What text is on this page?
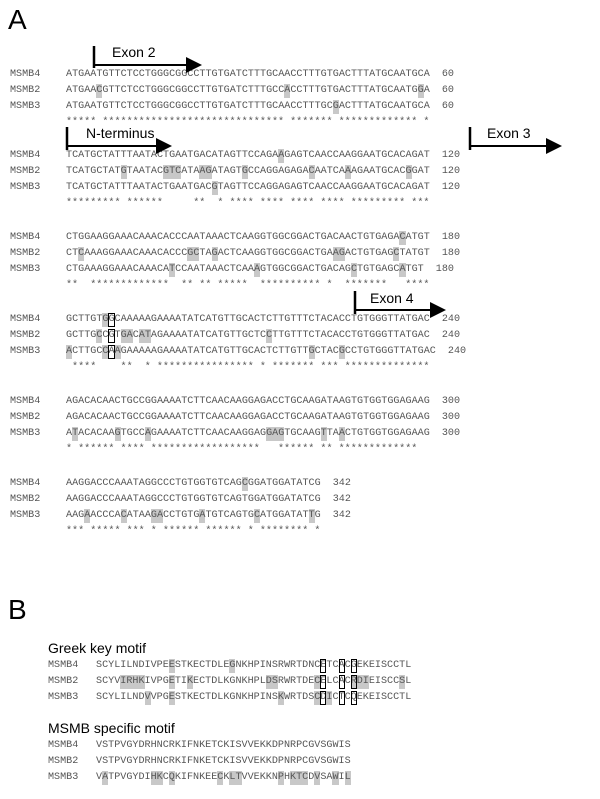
A
B
MSMB4	ATGAATGTTCTCCTGGGCGGCCTTGTGATCTTTGCAACCTTTGTGACTTTATGCAATGCA  60
MSMB2	ATGAACGTTCTCCTGGGCGGCCTTGTGATCTTTGCCACCTTTGTGACTTTATGCAATGGA  60
MSMB3	ATGAATGTTCTCCTGGGCGGCCTTGTGATCTTTGCAACCTTTGCGACTTTATGCAATGCA  60
***** ****************************** ******* ************* *
MSMB4	TCATGCTATTTAATACTGAATGACATAGTTCCAGAAGAGTCAACCAAGGAATGCACAGAT  120
MSMB2	TCATGCTATGTAATACGTCATAAGATAGTGCCAGGAGAGACAATCAAAGAATGCACGGAT  120
MSMB3	TCATGCTATTTAATACTGAATGACGTAGTTCCAGGAGAGTCAACCAAGGAATGCACAGAT  120
********* ******     **  * **** **** **** **** ********* ***
MSMB4	CTGGAAGGAAACAAACACCCAATAAACTCAAGGTGGCGGACTGACAACTGTGAGACATGT  180
MSMB2	CTCAAAGGAAACAAACACCCGCTAGACTCAAGGTGGCGGACTGAAGACTGTGAGCTATGT  180
MSMB3	CTGAAAGGAAACAAACATCCAATAAACTCAAAGTGGCGGACTGACAGCTGTGAGCATGT  180
**  *************  ** ** *****  ********** *  *******   ****
MSMB4	GCTTGTGGCAAAAAGAAAATATCATGTTGCACTCTTGTTTCTACACCTGTGGGTTATGAC  240
MSMB2	GCTTGCCGTGACATAGAAAATATCATGTTGCTCCTTGTTTCTACACCTGTGGGTTATGAC  240
MSMB3	ACTTGCCAAGAAAAAGAAAATATCATGTTGCACTCTTGTTGCTACGCCTGTGGGTTATGAC  240
****    **  * **************** * ******* *** **************
MSMB4	AGACACAACTGCCGGAAAATCTTCAACAAGGAGACCTGCAAGATAAGTGTGGTGGAGAAG  300
MSMB2	AGACACAACTGCCGGAAAATCTTCAACAAGGAGACCTGCAAGATAAGTGTGGTGGAGAAG  300
MSMB3	ATACACAAGTGCCAGAAAATCTTCAACAAGGAGGAGTGCAAGTTAACTGTGGTGGAGAAG  300
* ****** **** ******************   ****** ** *************
MSMB4	AAGGACCCAAATAGGCCCTGTGGTGTCAGCGGATGGATATCG  342
MSMB2	AAGGACCCAAATAGGCCCTGTGGTGTCAGTGGATGGATATCG  342
MSMB3	AAGAACCCACATAAGACCTGTGATGTCAGTGCATGGATATTG  342
*** ***** *** * ****** ****** * ******** *
Greek key motif
MSMB4 SCYLILNDIVPEESTKECTDLEGNKHPINSRWRTDNCETCACGEKEISCCTL
MSMB2 SCYVIRHKIVPGETIKECTDLKGNKHPLDSRWRTDECELCACRDIEISCCSL
MSMB3 SCYLILNDVVPGESTKECTDLKGNKHPINSKWRTDSCDICTCQEKEISCCTL
MSMB specific motif
MSMB4 VSTPVGYDRHNCRKIFNKETCKISVVEKKDPNRPCGVSGWIS
MSMB2 VSTPVGYDRHNCRKIFNKETCKISVVEKKDPNRPCGVSGWIS
MSMB3 VATPVGYDIHKCQKIFNKEECKLTVVEKKNPHKTCDVSAWIL
Exon 2
N-terminus	Exon 3
Exon 4
